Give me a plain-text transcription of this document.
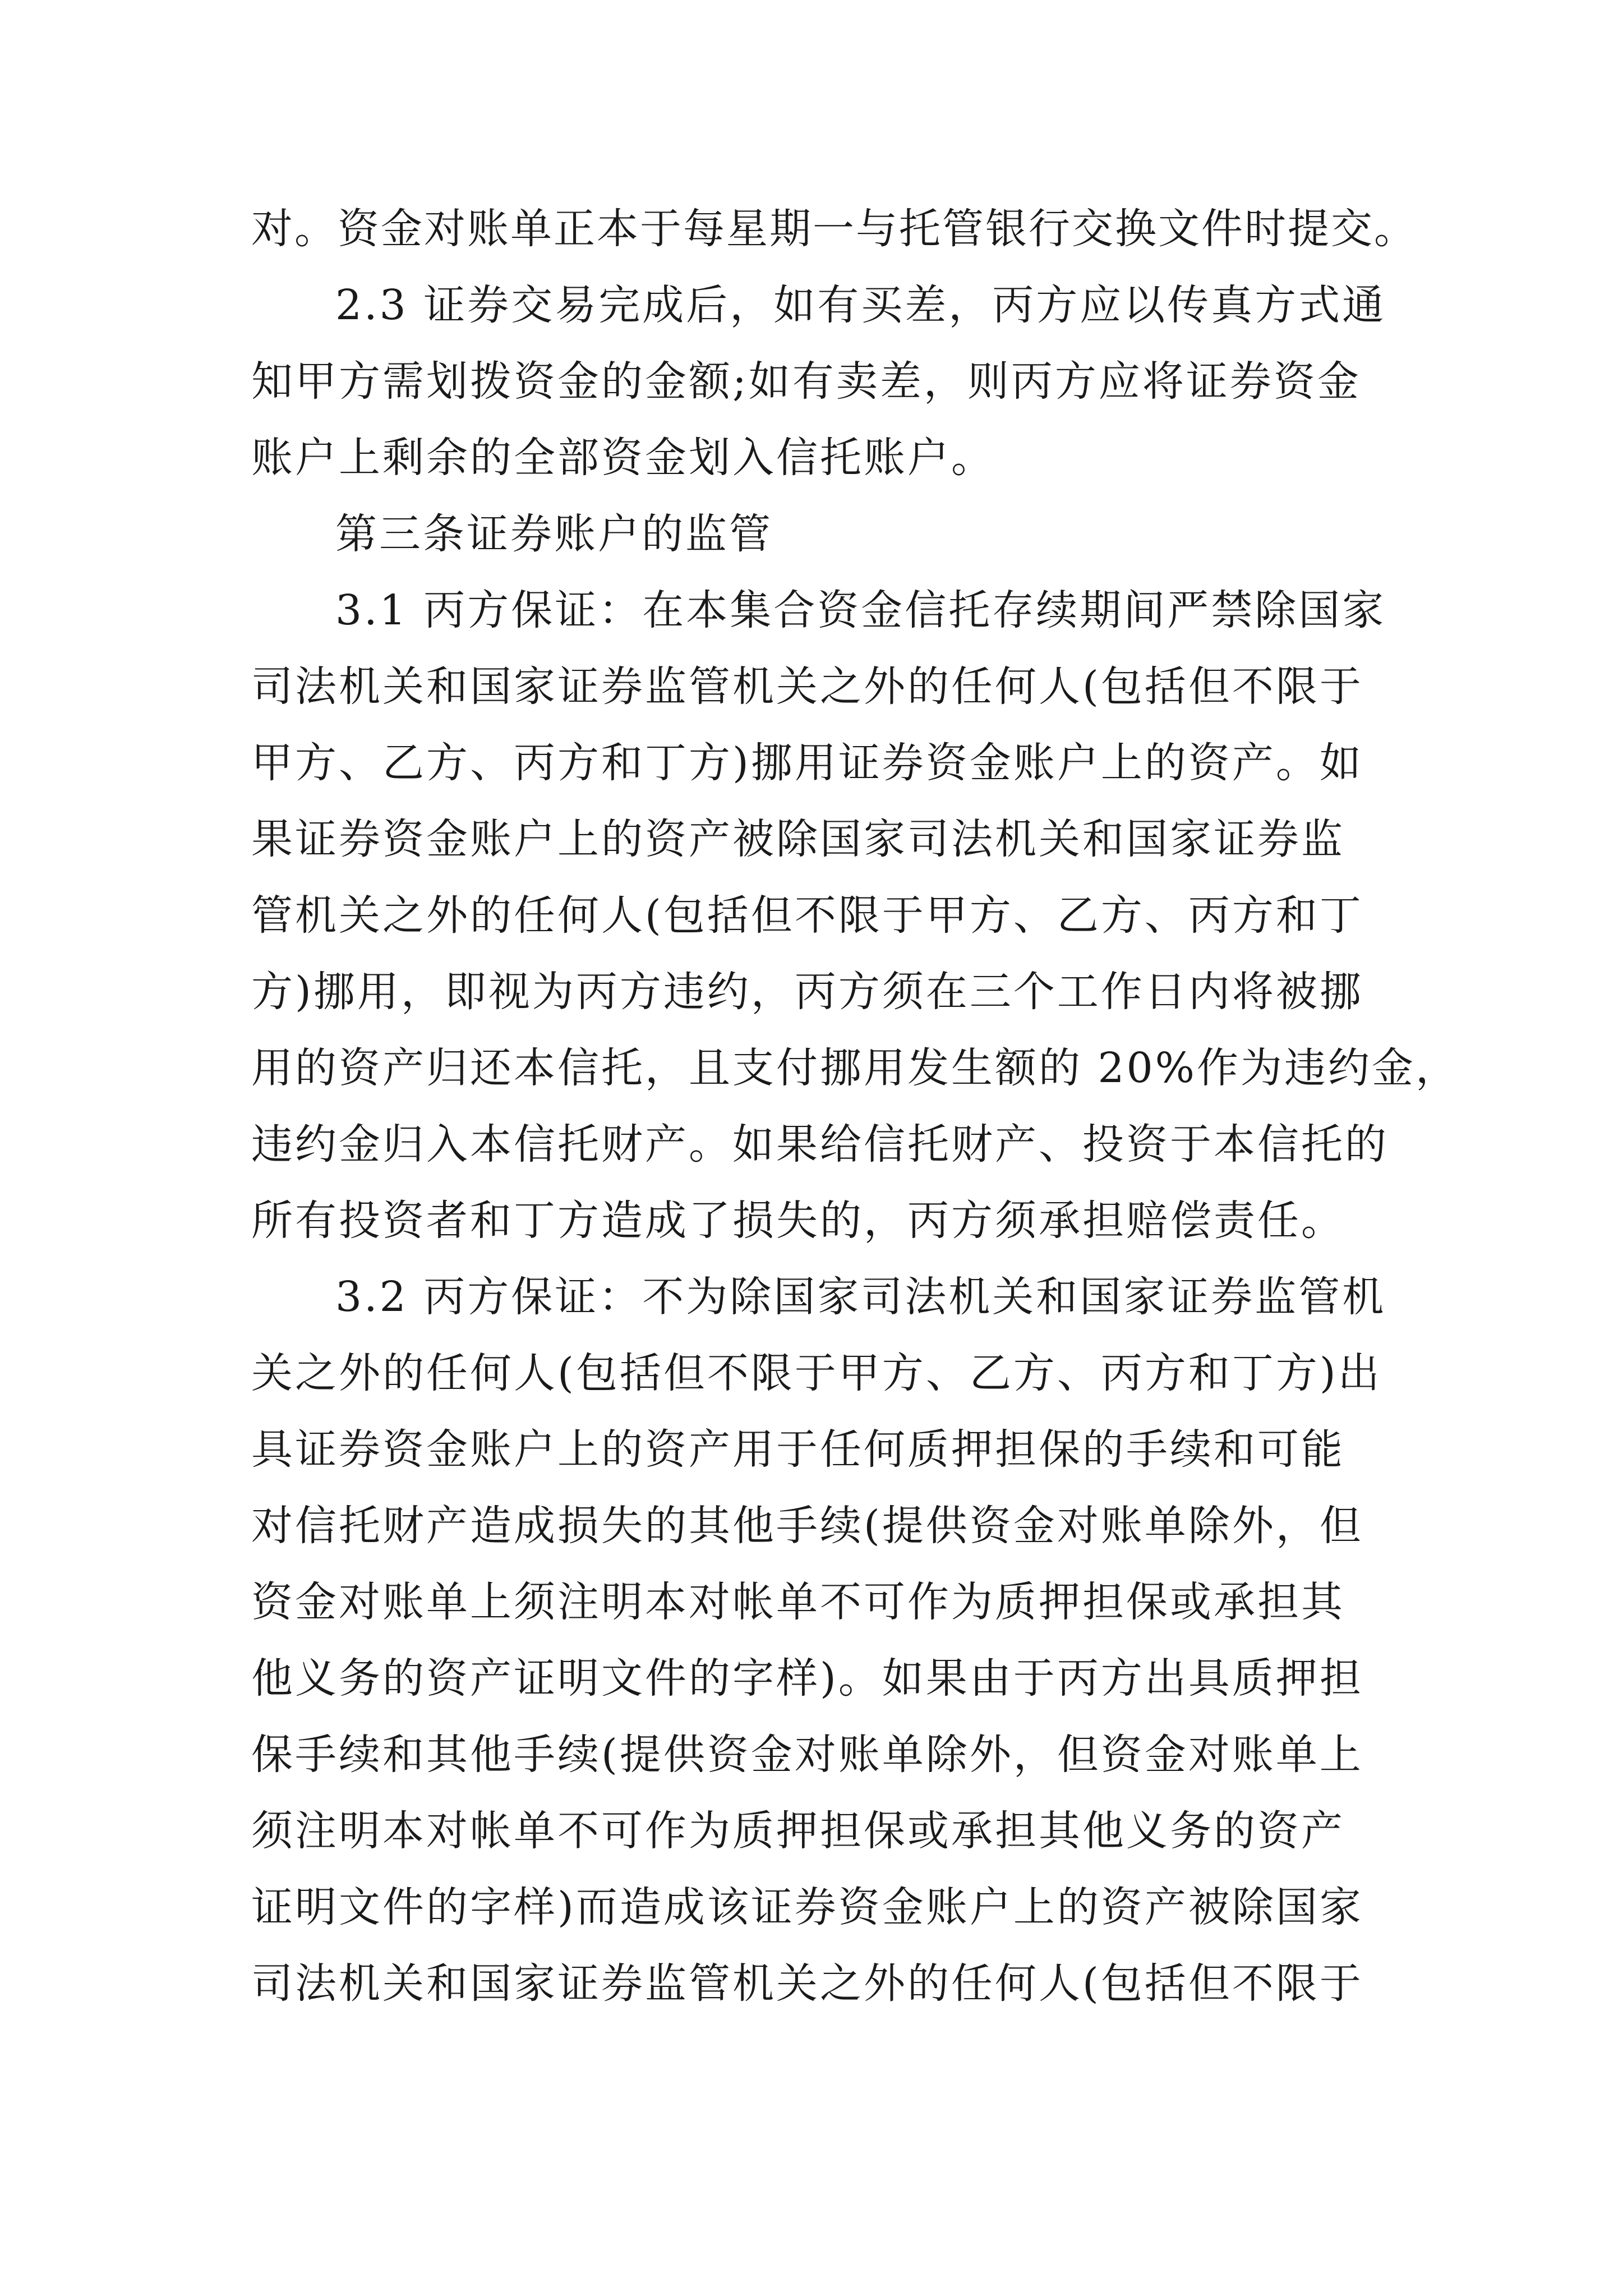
对。资金对账单正本于每星期一与托管银行交换文件时提交。
2.3 证券交易完成后，如有买差，丙方应以传真方式通
知甲方需划拨资金的金额;如有卖差，则丙方应将证券资金
账户上剩余的全部资金划入信托账户。
第三条证券账户的监管
3.1 丙方保证：在本集合资金信托存续期间严禁除国家
司法机关和国家证券监管机关之外的任何人(包括但不限于
甲方、乙方、丙方和丁方)挪用证券资金账户上的资产。如
果证券资金账户上的资产被除国家司法机关和国家证券监
管机关之外的任何人(包括但不限于甲方、乙方、丙方和丁
方)挪用，即视为丙方违约，丙方须在三个工作日内将被挪
用的资产归还本信托，且支付挪用发生额的 20%作为违约金，
违约金归入本信托财产。如果给信托财产、投资于本信托的
所有投资者和丁方造成了损失的，丙方须承担赔偿责任。
3.2 丙方保证：不为除国家司法机关和国家证券监管机
关之外的任何人(包括但不限于甲方、乙方、丙方和丁方)出
具证券资金账户上的资产用于任何质押担保的手续和可能
对信托财产造成损失的其他手续(提供资金对账单除外，但
资金对账单上须注明本对帐单不可作为质押担保或承担其
他义务的资产证明文件的字样)。如果由于丙方出具质押担
保手续和其他手续(提供资金对账单除外，但资金对账单上
须注明本对帐单不可作为质押担保或承担其他义务的资产
证明文件的字样)而造成该证券资金账户上的资产被除国家
司法机关和国家证券监管机关之外的任何人(包括但不限于
